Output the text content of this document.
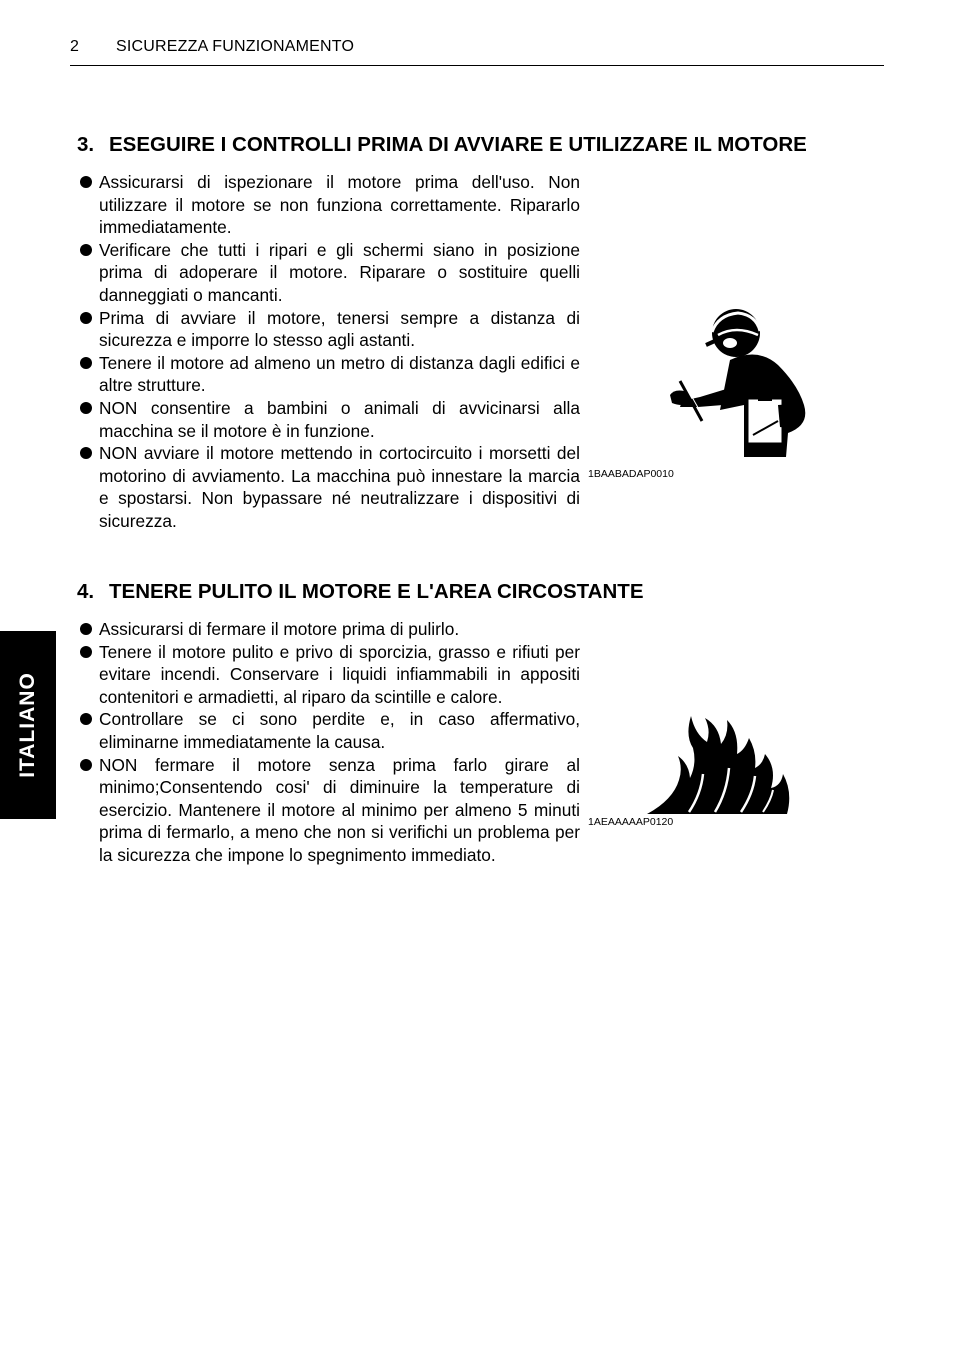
2 SICUREZZA FUNZIONAMENTO
3. ESEGUIRE I CONTROLLI PRIMA DI AVVIARE E UTILIZZARE IL MOTORE
Assicurarsi di ispezionare il motore prima dell'uso. Non utilizzare il motore se non funziona correttamente. Ripararlo immediatamente.
Verificare che tutti i ripari e gli schermi siano in posizione prima di adoperare il motore. Riparare o sostituire quelli danneggiati o mancanti.
Prima di avviare il motore, tenersi sempre a distanza di sicurezza e imporre lo stesso agli astanti.
Tenere il motore ad almeno un metro di distanza dagli edifici e altre strutture.
NON consentire a bambini o animali di avvicinarsi alla macchina se il motore è in funzione.
NON avviare il motore mettendo in cortocircuito i morsetti del motorino di avviamento. La macchina può innestare la marcia e spostarsi. Non bypassare né neutralizzare i dispositivi di sicurezza.
1BAABADAP0010
4. TENERE PULITO IL MOTORE E L'AREA CIRCOSTANTE
Assicurarsi di fermare il motore prima di pulirlo.
Tenere il motore pulito e privo di sporcizia, grasso e rifiuti per evitare incendi. Conservare i liquidi infiammabili in appositi contenitori e armadietti, al riparo da scintille e calore.
Controllare se ci sono perdite e, in caso affermativo, eliminarne immediatamente la causa.
NON fermare il motore senza prima farlo girare al minimo;Consentendo cosi' di diminuire la temperature di esercizio. Mantenere il motore al minimo per almeno 5 minuti prima di fermarlo, a meno che non si verifichi un problema per la sicurezza che impone lo spegnimento immediato.
1AEAAAAAP0120
ITALIANO
